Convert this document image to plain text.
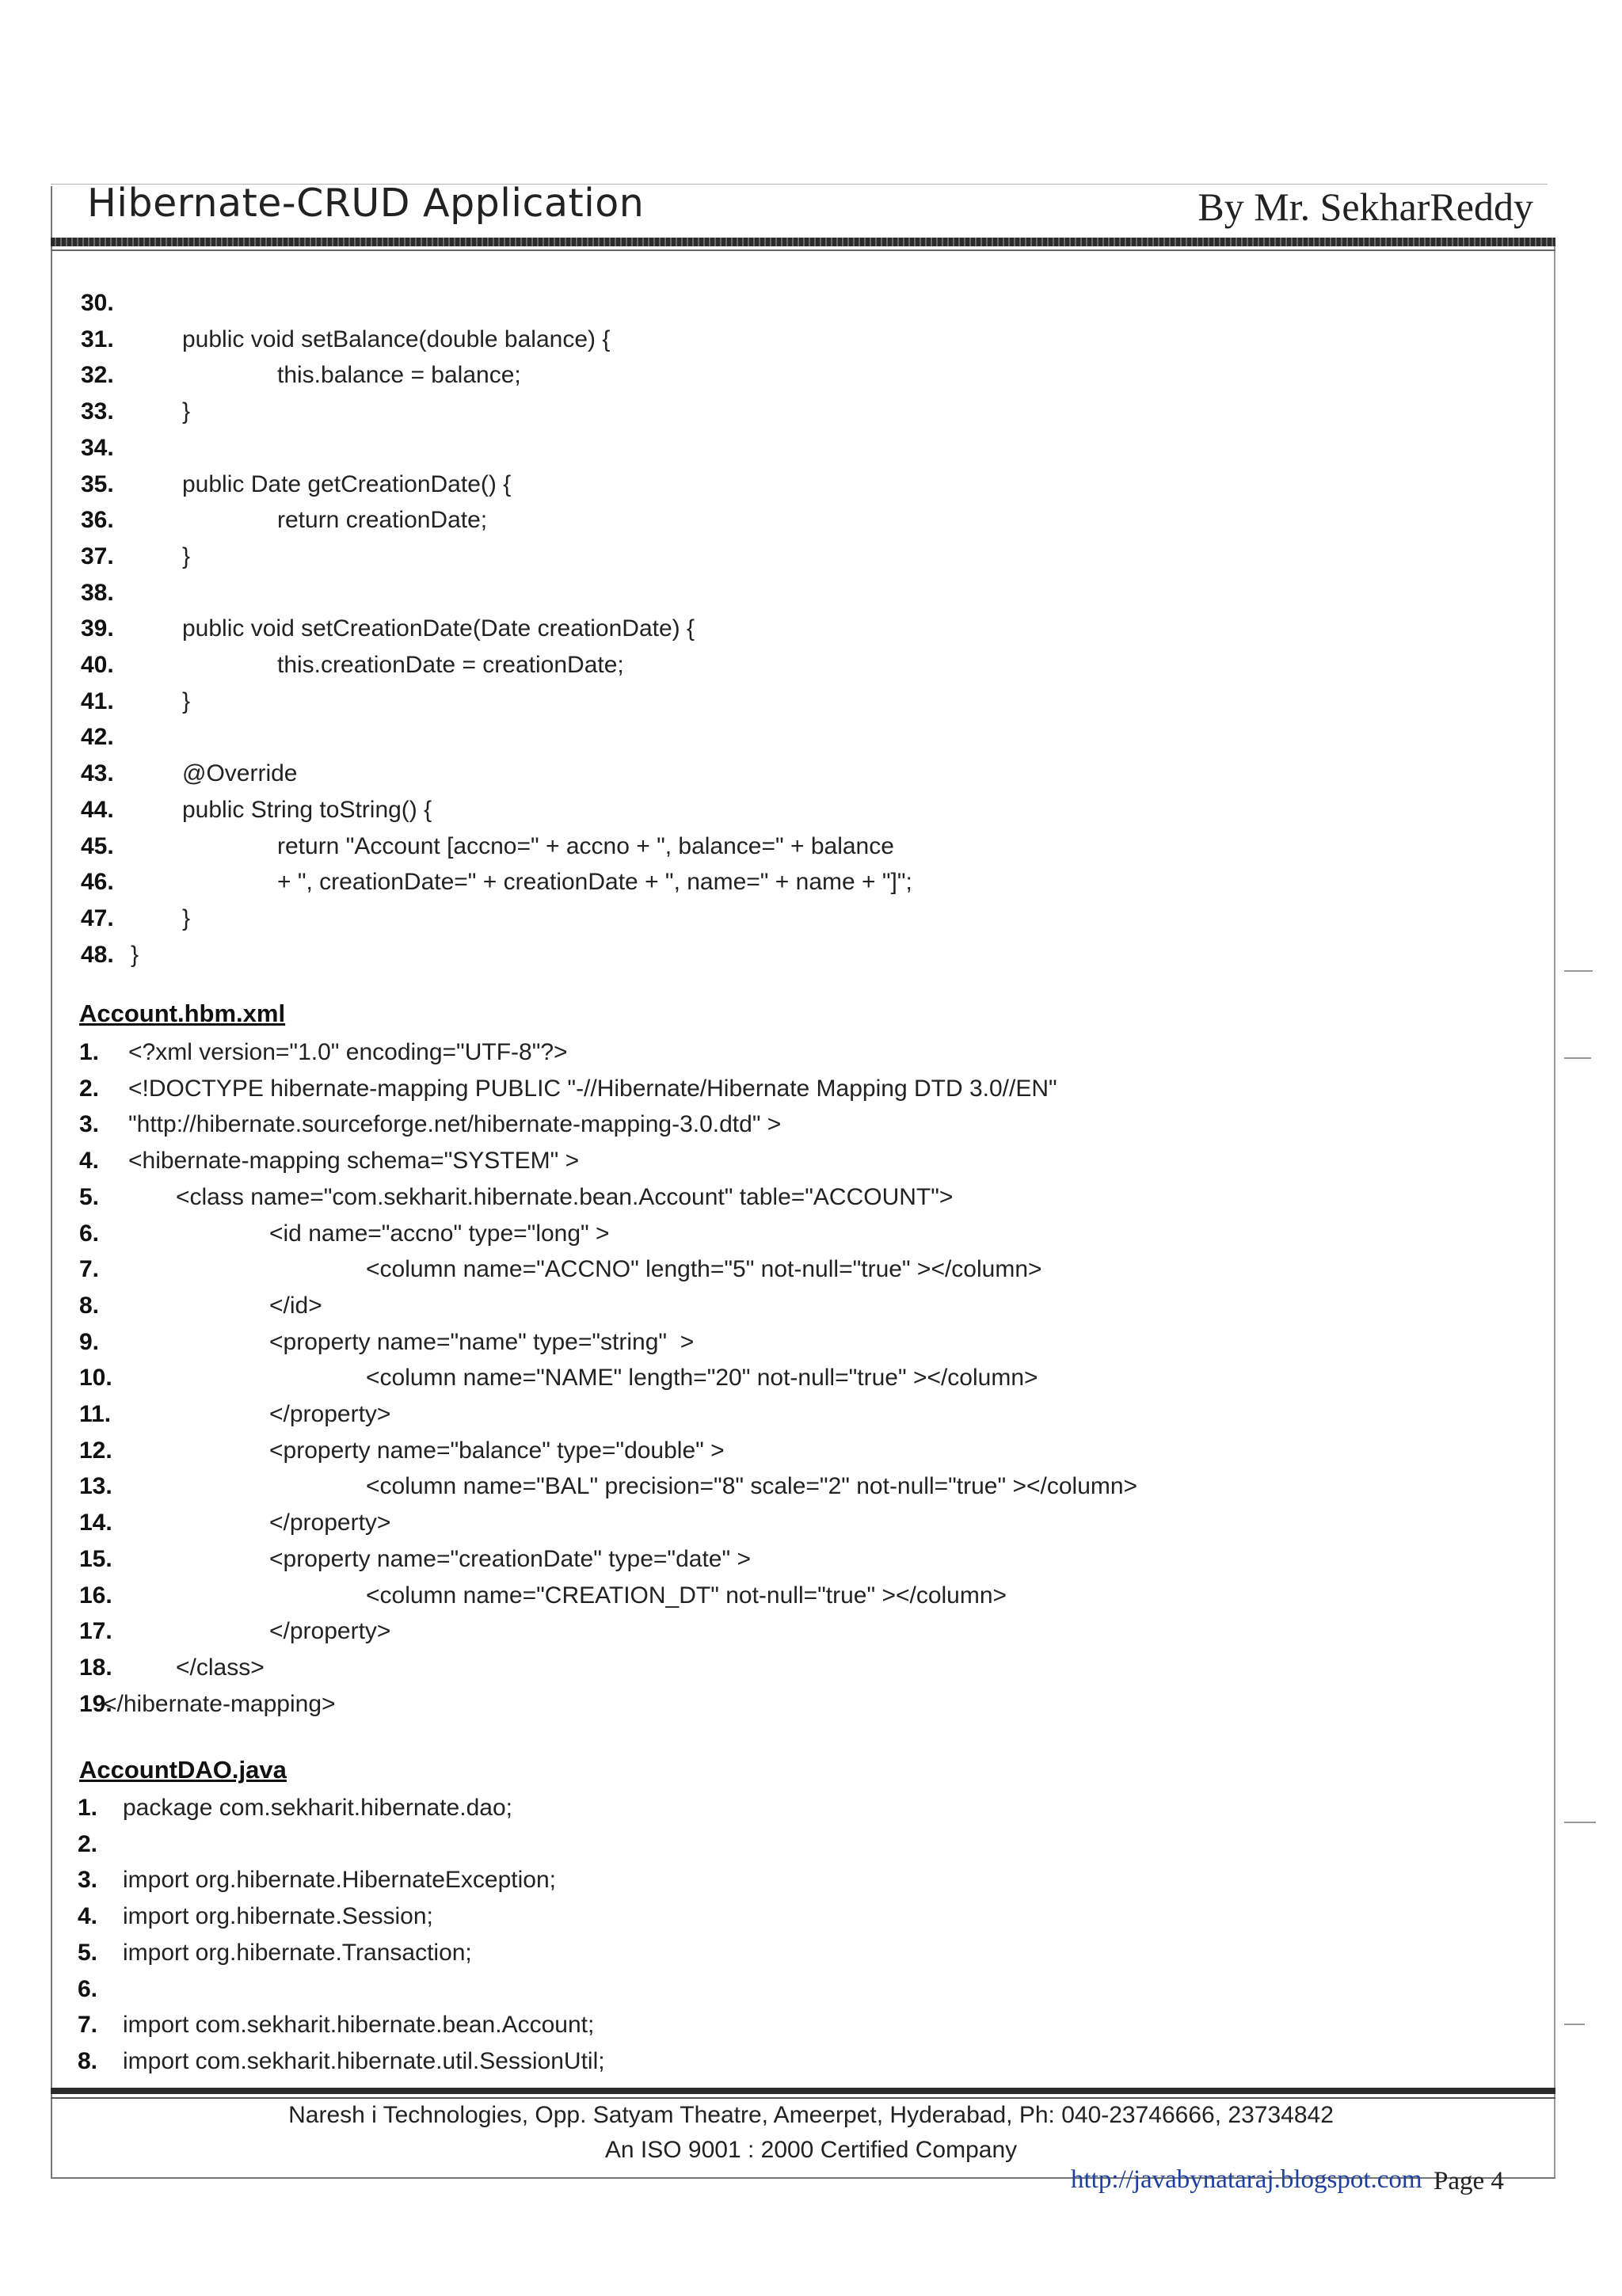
Hibernate-CRUD Application	By Mr. SekharReddy
30.
31.	public void setBalance(double balance) {
32.	this.balance = balance;
33.	}
34.
35.	public Date getCreationDate() {
36.	return creationDate;
37.	}
38.
39.	public void setCreationDate(Date creationDate) {
40.	this.creationDate = creationDate;
41.	}
42.
43.	@Override
44.	public String toString() {
45.	return "Account [accno=" + accno + ", balance=" + balance
46.	+ ", creationDate=" + creationDate + ", name=" + name + "]";
47.	}
48. }
Account.hbm.xml
1. <?xml version="1.0" encoding="UTF-8"?>
2. <!DOCTYPE hibernate-mapping PUBLIC "-//Hibernate/Hibernate Mapping DTD 3.0//EN"
3. "http://hibernate.sourceforge.net/hibernate-mapping-3.0.dtd" >
4. <hibernate-mapping schema="SYSTEM" >
5.	<class name="com.sekharit.hibernate.bean.Account" table="ACCOUNT">
6.	<id name="accno" type="long" >
7.	<column name="ACCNO" length="5" not-null="true" ></column>
8.	</id>
9.	<property name="name" type="string"  >
10.	<column name="NAME" length="20" not-null="true" ></column>
11.	</property>
12.	<property name="balance" type="double" >
13.	<column name="BAL" precision="8" scale="2" not-null="true" ></column>
14.	</property>
15.	<property name="creationDate" type="date" >
16.	<column name="CREATION_DT" not-null="true" ></column>
17.	</property>
18.	</class>
19.
</hibernate-mapping>
AccountDAO.java
1. package com.sekharit.hibernate.dao;
2.
3. import org.hibernate.HibernateException;
4. import org.hibernate.Session;
5. import org.hibernate.Transaction;
6.
7. import com.sekharit.hibernate.bean.Account;
8. import com.sekharit.hibernate.util.SessionUtil;
Naresh i Technologies, Opp. Satyam Theatre, Ameerpet, Hyderabad, Ph: 040-23746666, 23734842
An ISO 9001 : 2000 Certified Company
http://javabynataraj.blogspot.com Page 4
